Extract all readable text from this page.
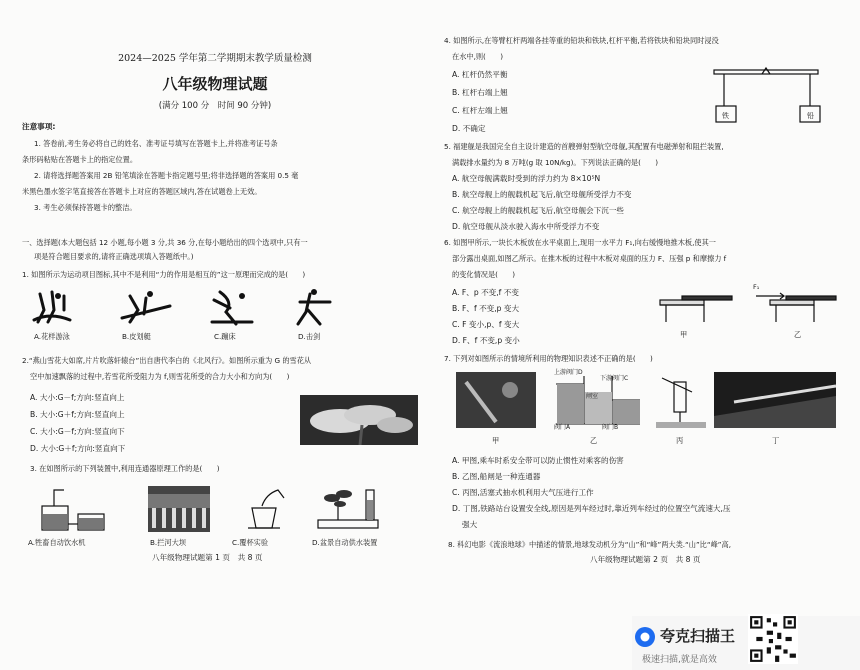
2024—2025 学年第二学期期末教学质量检测
八年级物理试题
(满分 100 分　时间 90 分钟)
注意事项:
1. 答卷前,考生务必将自己的姓名、准考证号填写在答题卡上,并将准考证号条
条形码粘贴在答题卡上的指定位置。
2. 请将选择题答案用 2B 铅笔填涂在答题卡指定题号里;将非选择题的答案用 0.5 毫
米黑色墨水签字笔直接答在答题卡上对应的答题区域内,答在试题卷上无效。
3. 考生必须保持答题卡的整洁。
一、选择题(本大题包括 12 小题,每小题 3 分,共 36 分,在每小题给出的四个选项中,只有一
项是符合题目要求的,请将正确选项填入答题纸中。)
1. 如图所示为运动项目图标,其中不是利用“力的作用是相互的”这一原理而完成的是(　　)
A.花样游泳	B.皮划艇	C.蹦床	D.击剑
2.“燕山雪花大如席,片片吹落轩辕台”出自唐代李白的《北风行》。如图所示重为 G 的雪花从
空中加速飘落的过程中,若雪花所受阻力为 f,则雪花所受的合力大小和方向为(　　)
A. 大小:G－f;方向:竖直向上
B. 大小:G＋f;方向:竖直向上
C. 大小:G－f;方向:竖直向下
D. 大小:G＋f;方向:竖直向下
3. 在如图所示的下列装置中,利用连通器原理工作的是(　　)
A.牲畜自动饮水机	B.拦河大坝	C.覆杯实验	D.盆景自动供水装置
八年级物理试题第 1 页　共 8 页
4. 如图所示,在等臂杠杆两端各挂等重的铅块和铁块,杠杆平衡,若将铁块和铅块同时浸没
在水中,则(　　)
A. 杠杆仍然平衡
B. 杠杆右端上翘
C. 杠杆左端上翘
D. 不确定
铁	铅
5. 福建舰是我国完全自主设计建造的首艘弹射型航空母舰,其配置有电磁弹射和阻拦装置,
满载排水量约为 8 万吨(g 取 10N/kg)。下列说法正确的是(　　)
A. 航空母舰满载时受到的浮力约为 8×10⁵N
B. 航空母舰上的舰载机起飞后,航空母舰所受浮力不变
C. 航空母舰上的舰载机起飞后,航空母舰会下沉一些
D. 航空母舰从淡水驶入海水中所受浮力不变
6. 如图甲所示,一块长木板放在水平桌面上,现用一水平力 F₁,向右缓慢地推木板,使其一
部分露出桌面,如图乙所示。在推木板的过程中木板对桌面的压力 F、压强 p 和摩擦力 f
的变化情况是(　　)
A. F、p 不变,f 不变
B. F、f 不变,p 变大
C. F 变小,p、f 变大
D. F、f 不变,p 变小
F₁
甲	乙
7. 下列对如图所示的情境所利用的物理知识表述不正确的是(　　)
上游阀门D
下游阀门C
闸室
阀门A	阀门B
甲	乙	丙	丁
A. 甲图,乘车时系安全带可以防止惯性对乘客的伤害
B. 乙图,船闸是一种连通器
C. 丙图,活塞式抽水机利用大气压进行工作
D. 丁图,铁路站台设置安全线,原因是列车经过时,靠近列车经过的位置空气流速大,压
强大
8. 科幻电影《流浪地球》中描述的情景,地球发动机分为“山”和“峰”两大类.“山”比“峰”高,
八年级物理试题第 2 页　共 8 页
夸克扫描王
极速扫描,就是高效
